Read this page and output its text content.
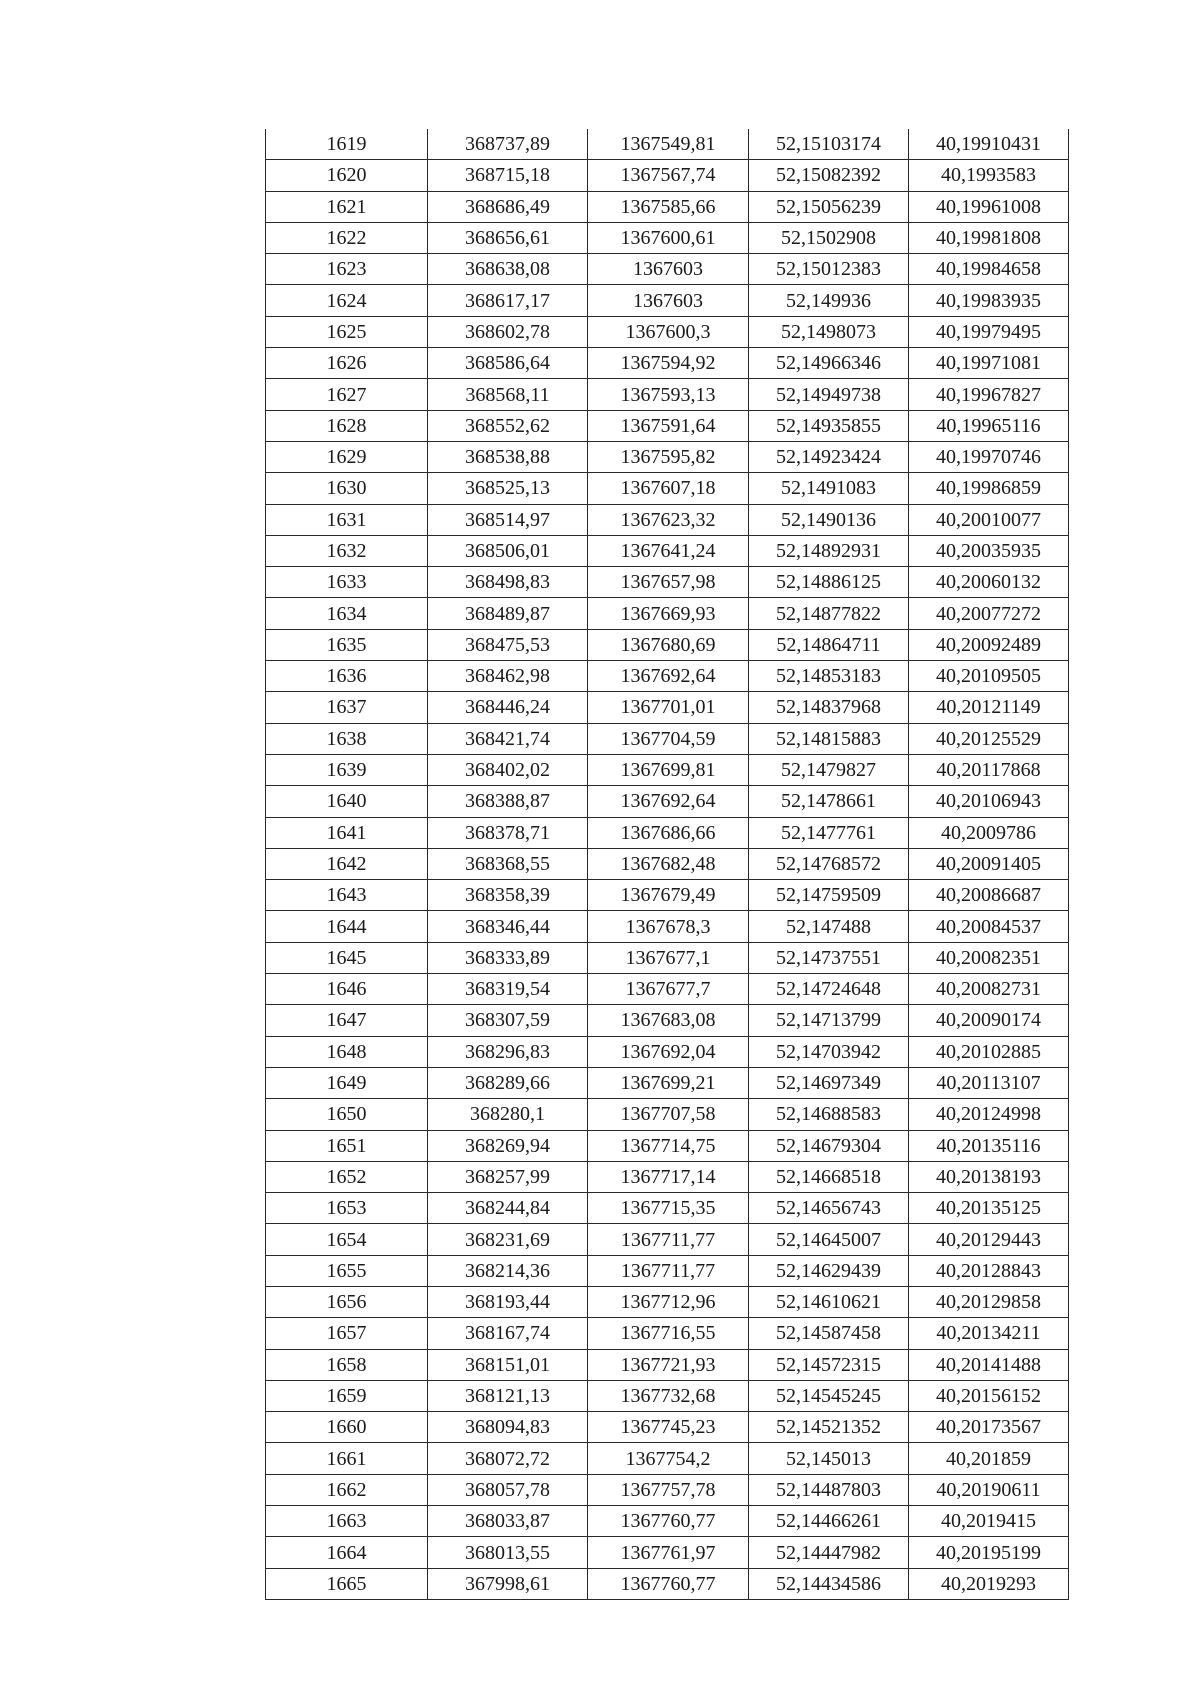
1619	368737,89	1367549,81	52,15103174	40,19910431
1620	368715,18	1367567,74	52,15082392	40,1993583
1621	368686,49	1367585,66	52,15056239	40,19961008
1622	368656,61	1367600,61	52,1502908	40,19981808
1623	368638,08	1367603	52,15012383	40,19984658
1624	368617,17	1367603	52,149936	40,19983935
1625	368602,78	1367600,3	52,1498073	40,19979495
1626	368586,64	1367594,92	52,14966346	40,19971081
1627	368568,11	1367593,13	52,14949738	40,19967827
1628	368552,62	1367591,64	52,14935855	40,19965116
1629	368538,88	1367595,82	52,14923424	40,19970746
1630	368525,13	1367607,18	52,1491083	40,19986859
1631	368514,97	1367623,32	52,1490136	40,20010077
1632	368506,01	1367641,24	52,14892931	40,20035935
1633	368498,83	1367657,98	52,14886125	40,20060132
1634	368489,87	1367669,93	52,14877822	40,20077272
1635	368475,53	1367680,69	52,14864711	40,20092489
1636	368462,98	1367692,64	52,14853183	40,20109505
1637	368446,24	1367701,01	52,14837968	40,20121149
1638	368421,74	1367704,59	52,14815883	40,20125529
1639	368402,02	1367699,81	52,1479827	40,20117868
1640	368388,87	1367692,64	52,1478661	40,20106943
1641	368378,71	1367686,66	52,1477761	40,2009786
1642	368368,55	1367682,48	52,14768572	40,20091405
1643	368358,39	1367679,49	52,14759509	40,20086687
1644	368346,44	1367678,3	52,147488	40,20084537
1645	368333,89	1367677,1	52,14737551	40,20082351
1646	368319,54	1367677,7	52,14724648	40,20082731
1647	368307,59	1367683,08	52,14713799	40,20090174
1648	368296,83	1367692,04	52,14703942	40,20102885
1649	368289,66	1367699,21	52,14697349	40,20113107
1650	368280,1	1367707,58	52,14688583	40,20124998
1651	368269,94	1367714,75	52,14679304	40,20135116
1652	368257,99	1367717,14	52,14668518	40,20138193
1653	368244,84	1367715,35	52,14656743	40,20135125
1654	368231,69	1367711,77	52,14645007	40,20129443
1655	368214,36	1367711,77	52,14629439	40,20128843
1656	368193,44	1367712,96	52,14610621	40,20129858
1657	368167,74	1367716,55	52,14587458	40,20134211
1658	368151,01	1367721,93	52,14572315	40,20141488
1659	368121,13	1367732,68	52,14545245	40,20156152
1660	368094,83	1367745,23	52,14521352	40,20173567
1661	368072,72	1367754,2	52,145013	40,201859
1662	368057,78	1367757,78	52,14487803	40,20190611
1663	368033,87	1367760,77	52,14466261	40,2019415
1664	368013,55	1367761,97	52,14447982	40,20195199
1665	367998,61	1367760,77	52,14434586	40,2019293
